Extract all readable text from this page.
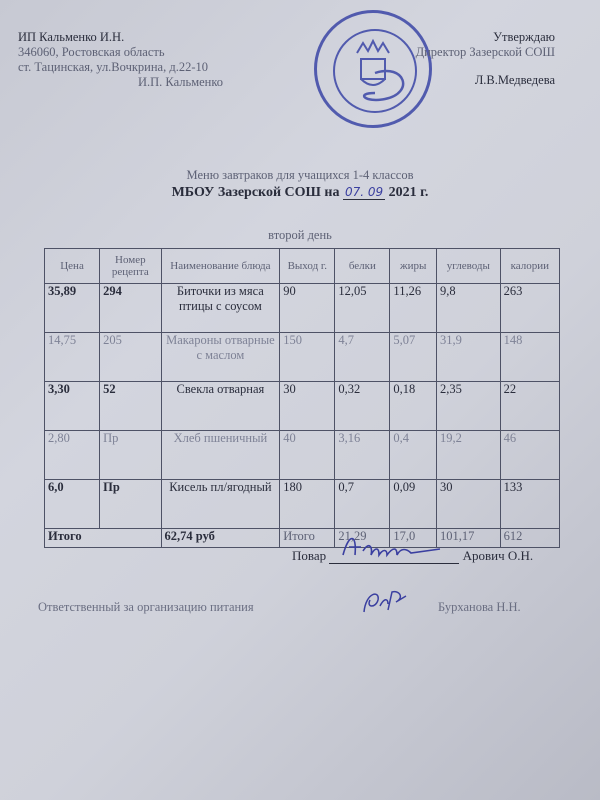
ИП Кальменко И.Н.
346060, Ростовская область
ст. Тацинская, ул.Вочкрина, д.22-10
И.П. Кальменко
Утверждаю
Директор Зазерской СОШ
Л.В.Медведева
Меню завтраков для учащихся 1-4 классов
МБОУ Зазерской СОШ на 07. 09 2021 г.
второй день
Цена	Номер рецепта	Наименование блюда	Выход г.	белки	жиры	углеводы	калории
35,89	294	Биточки из мяса птицы с соусом	90	12,05	11,26	9,8	263
14,75	205	Макароны отварные с маслом	150	4,7	5,07	31,9	148
3,30	52	Свекла отварная	30	0,32	0,18	2,35	22
2,80	Пр	Хлеб пшеничный	40	3,16	0,4	19,2	46
6,0	Пр	Кисель пл/ягодный	180	0,7	0,09	30	133
Итого		62,74 руб	Итого	21,29	17,0	101,17	612
Повар	Арович О.Н.
Ответственный за организацию питания	Бурханова Н.Н.
